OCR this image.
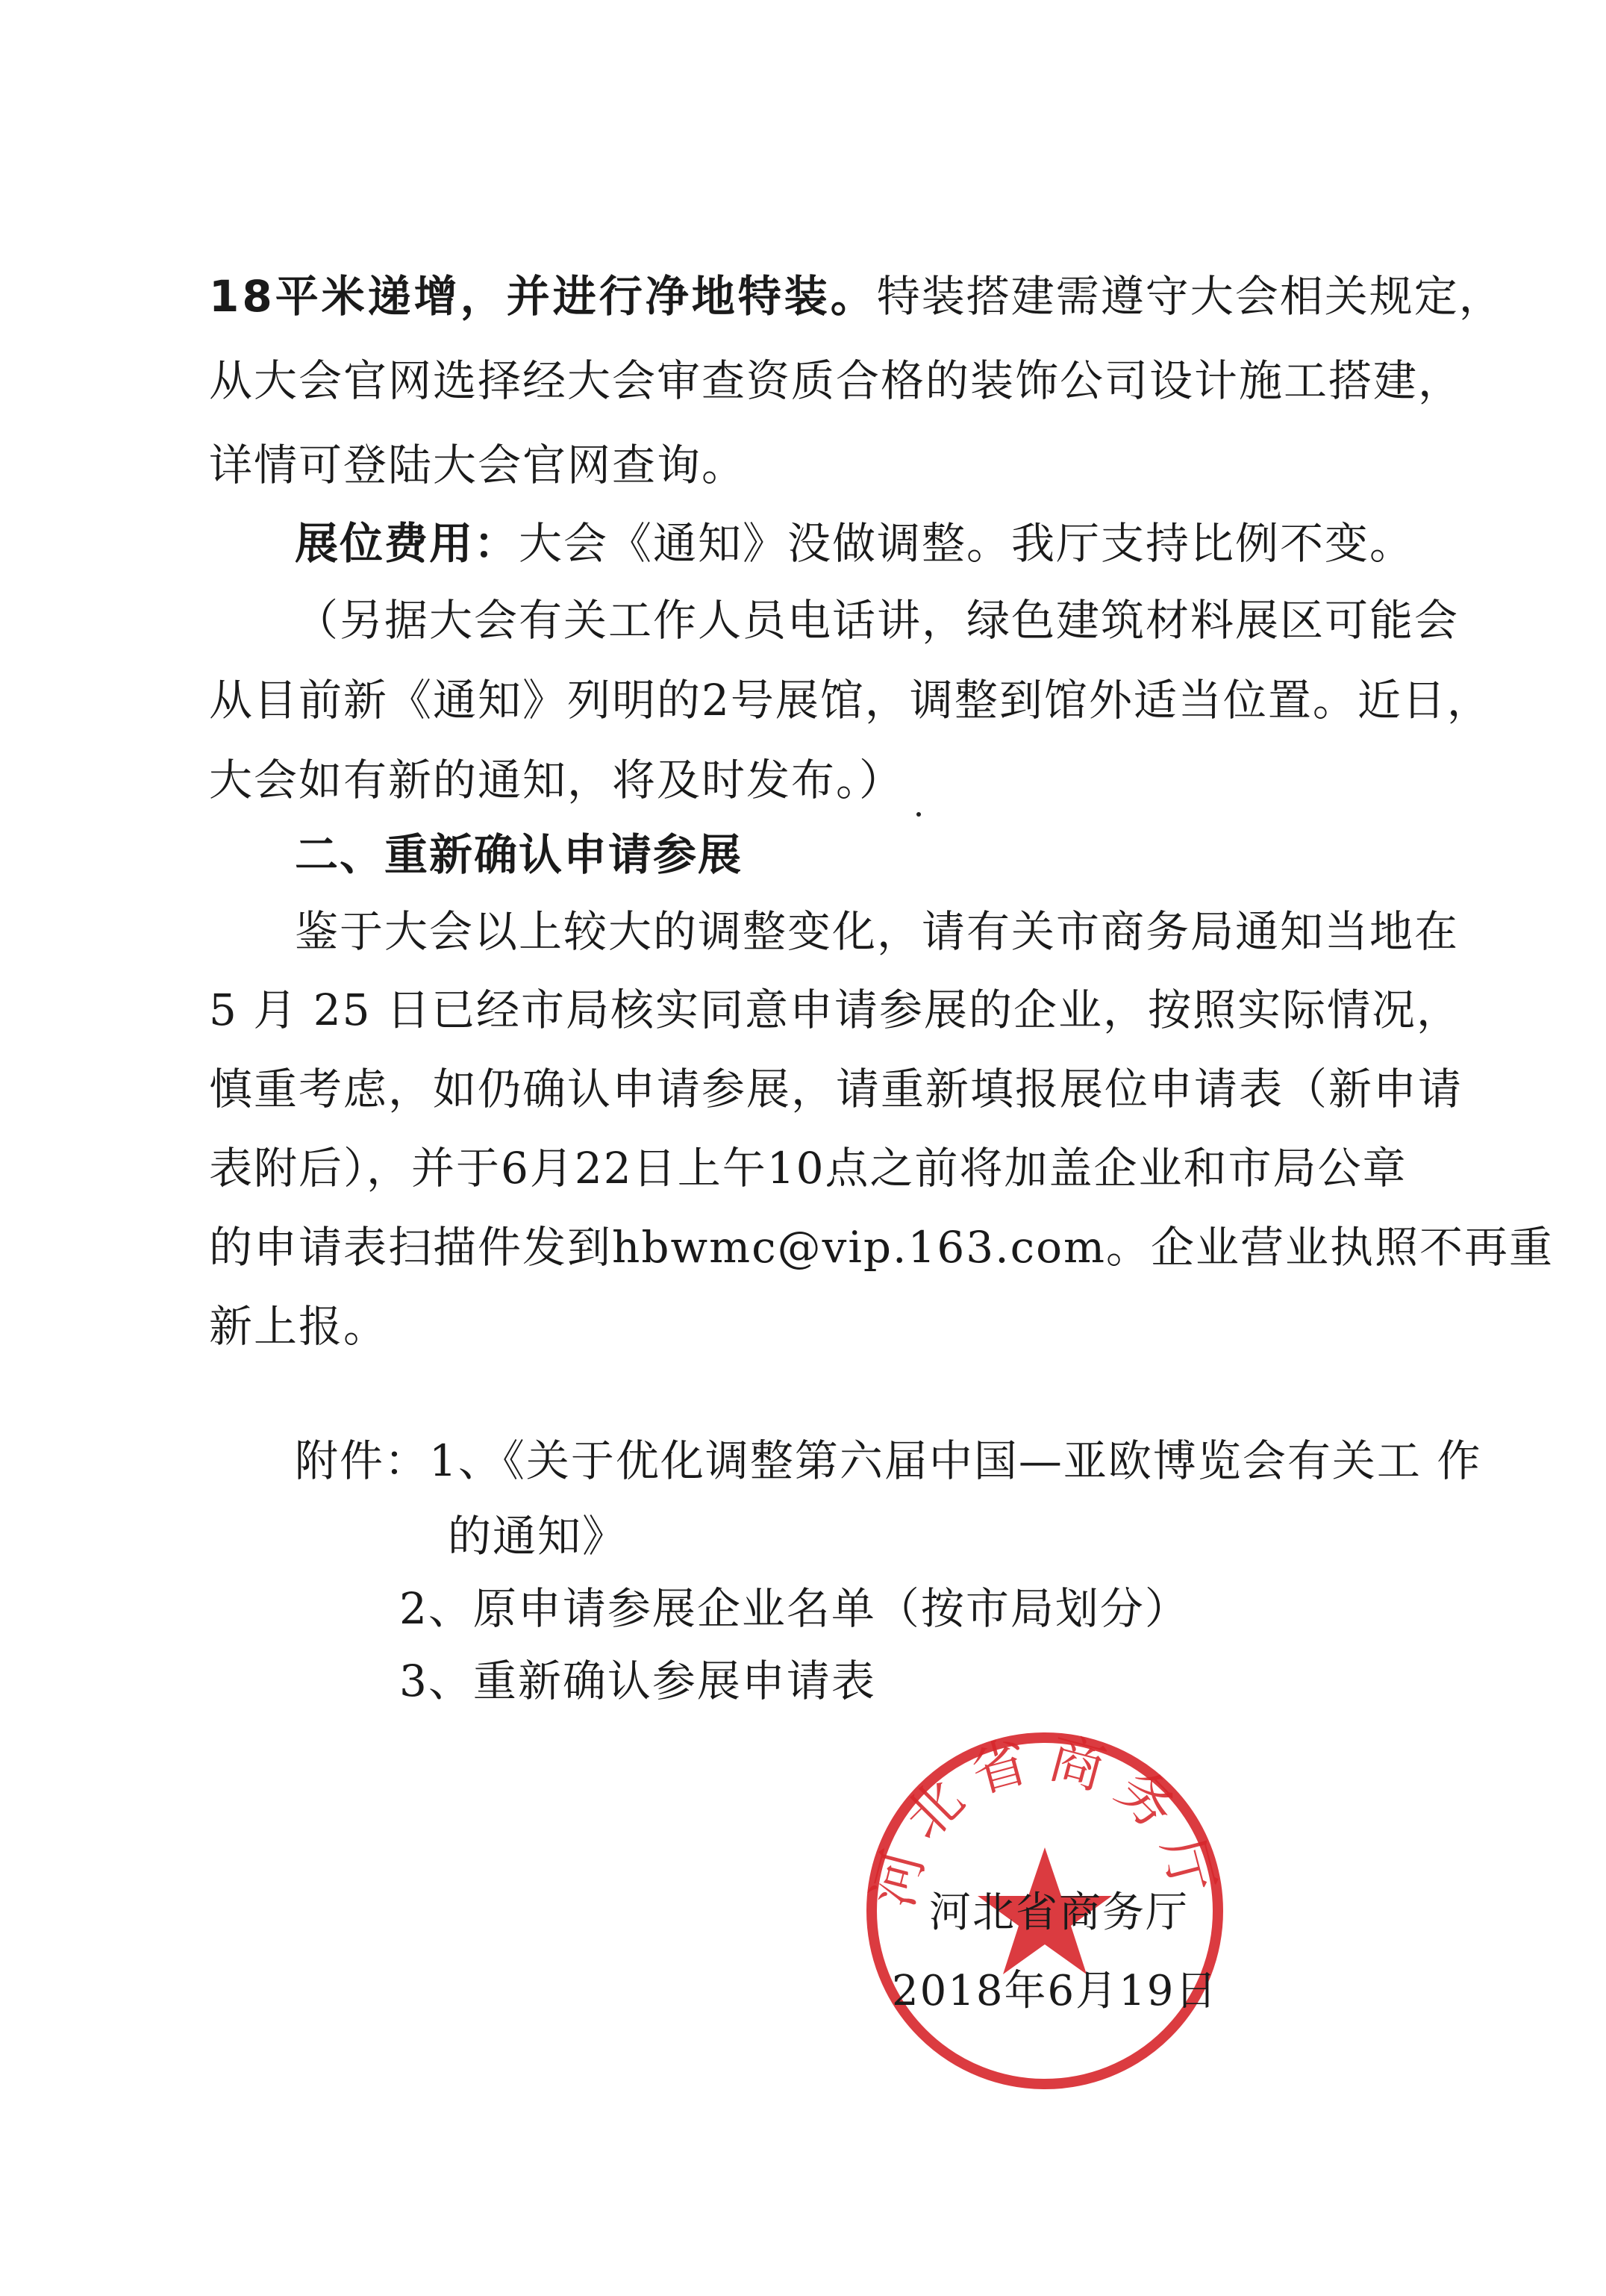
18平米递增，并进行净地特装。特装搭建需遵守大会相关规定，
从大会官网选择经大会审查资质合格的装饰公司设计施工搭建，
详情可登陆大会官网查询。
展位费用：大会《通知》没做调整。我厅支持比例不变。
（另据大会有关工作人员电话讲，绿色建筑材料展区可能会
从目前新《通知》列明的2号展馆，调整到馆外适当位置。近日，
大会如有新的通知，将及时发布。）
二、重新确认申请参展
鉴于大会以上较大的调整变化，请有关市商务局通知当地在
5 月 25 日已经市局核实同意申请参展的企业，按照实际情况，
慎重考虑，如仍确认申请参展，请重新填报展位申请表（新申请
表附后），并于6月22日上午10点之前将加盖企业和市局公章
的申请表扫描件发到hbwmc@vip.163.com。企业营业执照不再重
新上报。
附件：1、《关于优化调整第六届中国—亚欧博览会有关工 作
的通知》
2、原申请参展企业名单（按市局划分）
3、重新确认参展申请表
河北省商务厅
河北省商务厅
2018年6月19日
